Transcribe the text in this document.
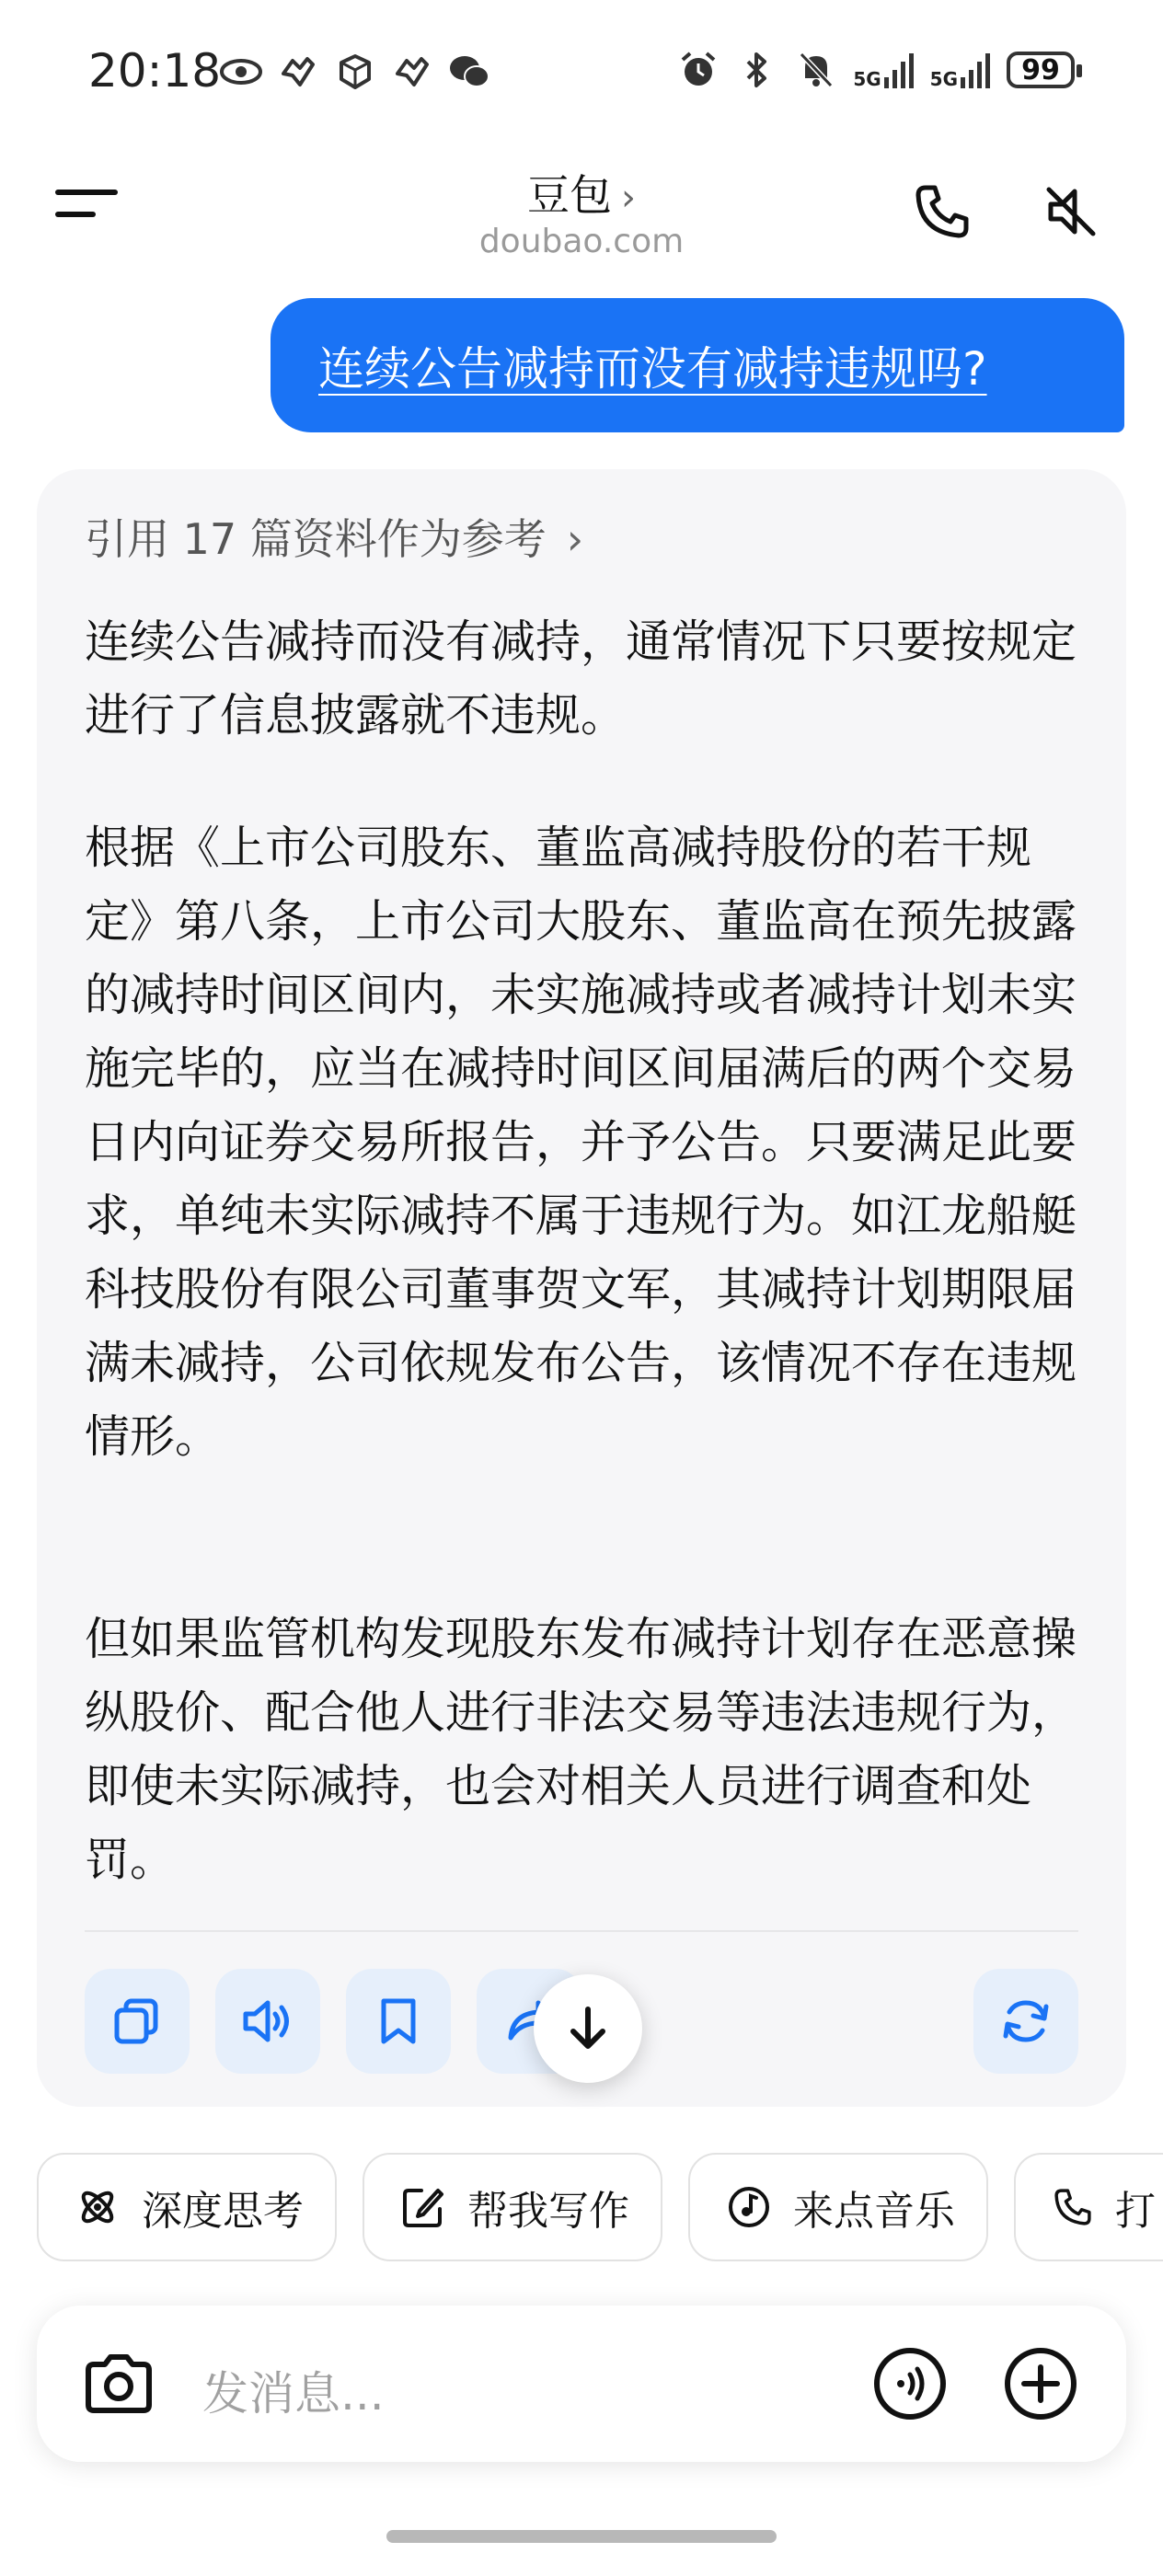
20:18	5G	5G	99
豆包 ›
doubao.com
连续公告减持而没有减持违规吗?
引用 17 篇资料作为参考 ›
连续公告减持而没有减持，通常情况下只要按规定进行了信息披露就不违规。
根据《上市公司股东、董监高减持股份的若干规定》第八条，上市公司大股东、董监高在预先披露的减持时间区间内，未实施减持或者减持计划未实施完毕的，应当在减持时间区间届满后的两个交易日内向证券交易所报告，并予公告。只要满足此要求，单纯未实际减持不属于违规行为。如江龙船艇科技股份有限公司董事贺文军，其减持计划期限届满未减持，公司依规发布公告，该情况不存在违规情形。
但如果监管机构发现股东发布减持计划存在恶意操纵股价、配合他人进行非法交易等违法违规行为，即使未实际减持，也会对相关人员进行调查和处罚。
深度思考	帮我写作	来点音乐	打
发消息...
